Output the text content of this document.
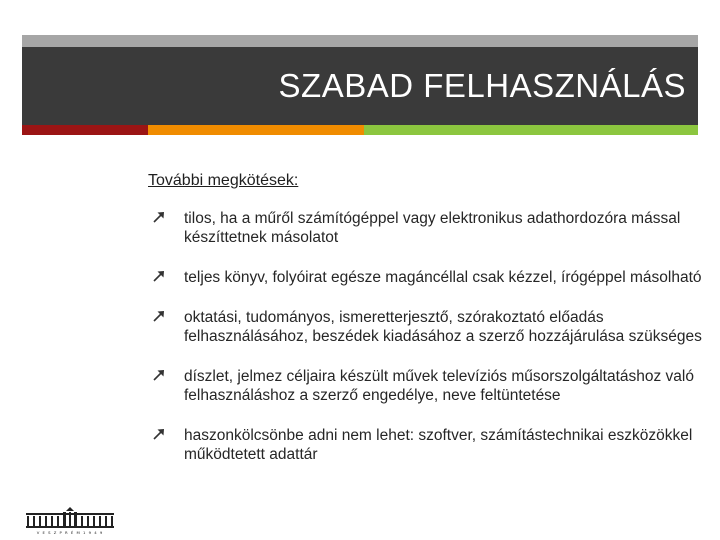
SZABAD FELHASZNÁLÁS
További megkötések:
tilos, ha a műről számítógéppel vagy elektronikus adathordozóra mással készíttetnek másolatot
teljes könyv, folyóirat egésze magáncéllal csak kézzel, írógéppel másolható
oktatási, tudományos, ismeretterjesztő, szórakoztató előadás felhasználásához, beszédek kiadásához a szerző hozzájárulása szükséges
díszlet, jelmez céljaira készült művek televíziós műsorszolgáltatáshoz való felhasználáshoz a szerző engedélye, neve feltüntetése
haszonkölcsönbe adni nem lehet: szoftver, számítástechnikai eszközökkel működtetett adattár
V E S Z P R É M 1 9 4 9
